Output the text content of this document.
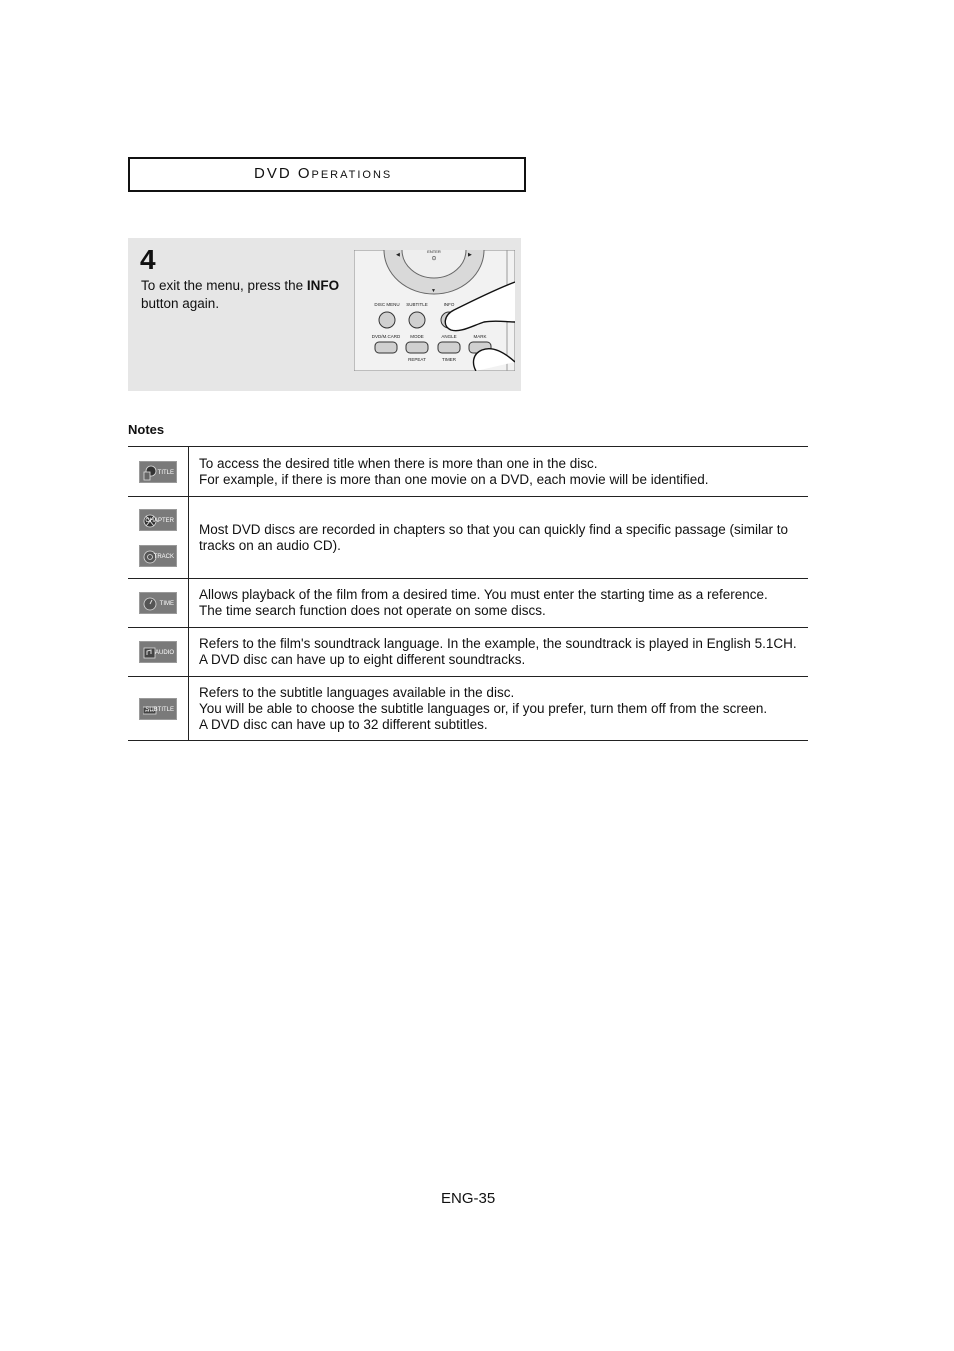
DVD Operations
4
To exit the menu, press the INFO button again.
ENTER
⊙
◀	▶
▼
DISC MENU SUBTITLE	INFO
DVD/M.CARD MODE	ANGLE	MARK
REPEAT	TIMER
Notes
TITLE	To access the desired title when there is more than one in the disc.
For example, if there is more than one movie on a DVD, each movie will be identified.

CHAPTER

TRACK	Most DVD discs are recorded in chapters so that you can quickly find a specific passage (similar to tracks on an audio CD).

TIME	Allows playback of the film from a desired time. You must enter the starting time as a reference.
The time search function does not operate on some discs.

AUDIO	Refers to the film's soundtrack language. In the example, the soundtrack is played in English 5.1CH.
A DVD disc can have up to eight different soundtracks.

SUBTITLE	Refers to the subtitle languages available in the disc.
You will be able to choose the subtitle languages or, if you prefer, turn them off from the screen.
A DVD disc can have up to 32 different subtitles.
ENG-35
